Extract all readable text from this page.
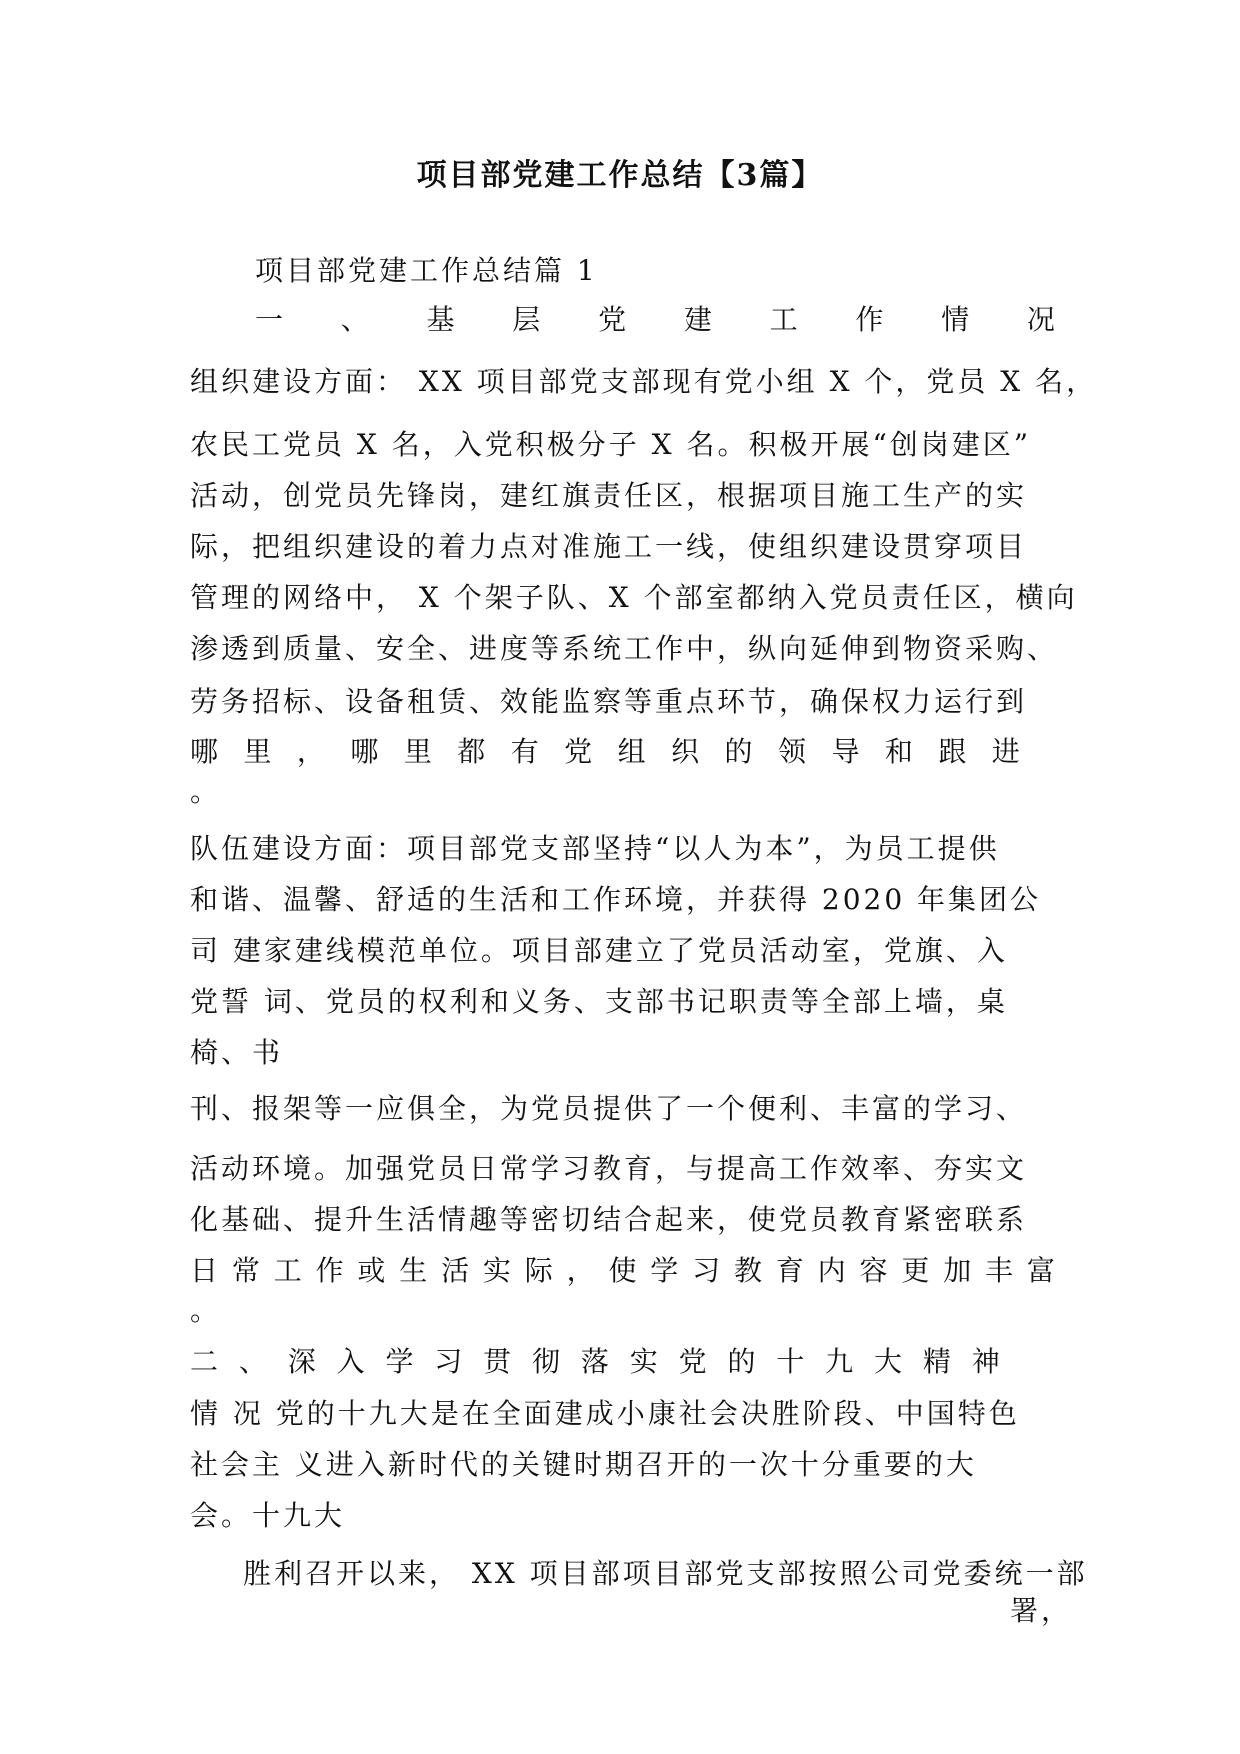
项目部党建工作总结【3篇】
项目部党建工作总结篇 1
一 、 基 层 党 建 工 作 情 况
组织建设方面： XX 项目部党支部现有党小组 X 个，党员 X 名，
农民工党员 X 名，入党积极分子 X 名。积极开展“创岗建区”
活动，创党员先锋岗，建红旗责任区，根据项目施工生产的实
际，把组织建设的着力点对准施工一线，使组织建设贯穿项目
管理的网络中， X 个架子队、X 个部室都纳入党员责任区，横向
渗透到质量、安全、进度等系统工作中，纵向延伸到物资采购、
劳务招标、设备租赁、效能监察等重点环节，确保权力运行到
哪 里 ， 哪 里 都 有 党 组 织 的 领 导 和 跟 进
。
队伍建设方面：项目部党支部坚持“以人为本”，为员工提供
和谐、温馨、舒适的生活和工作环境，并获得 2020 年集团公
司 建家建线模范单位。项目部建立了党员活动室，党旗、入
党誓 词、党员的权利和义务、支部书记职责等全部上墙，桌
椅、书
刊、报架等一应俱全，为党员提供了一个便利、丰富的学习、
活动环境。加强党员日常学习教育，与提高工作效率、夯实文
化基础、提升生活情趣等密切结合起来，使党员教育紧密联系
日 常 工 作 或 生 活 实 际 ， 使 学 习 教 育 内 容 更 加 丰 富
。
二 、 深 入 学 习 贯 彻 落 实 党 的 十 九 大 精 神
情 况 党的十九大是在全面建成小康社会决胜阶段、中国特色
社会主 义进入新时代的关键时期召开的一次十分重要的大
会。十九大
胜利召开以来， XX 项目部项目部党支部按照公司党委统一部
署，
